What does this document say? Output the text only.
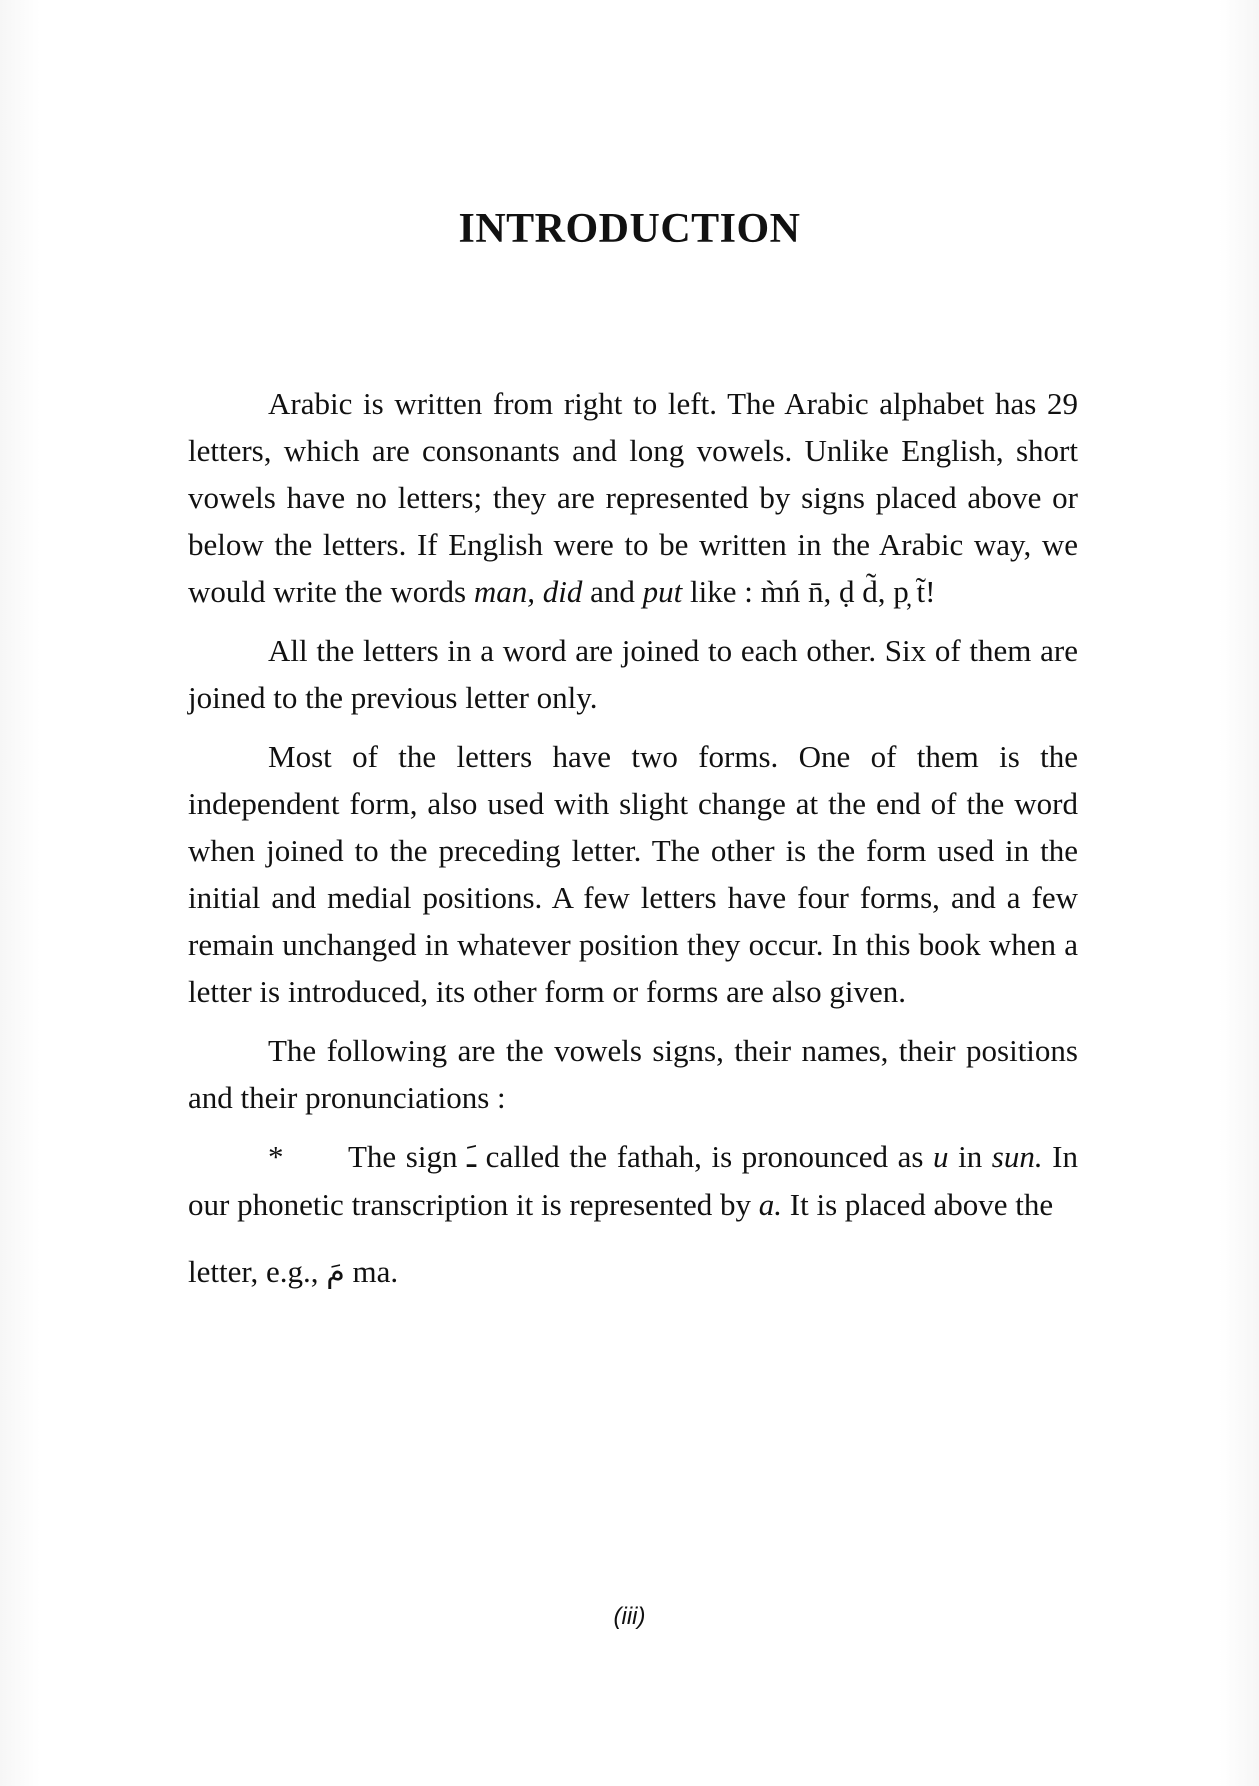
INTRODUCTION

Arabic is written from right to left. The Arabic alphabet has 29 letters, which are consonants and long vowels. Unlike English, short vowels have no letters; they are represented by signs placed above or below the letters. If English were to be written in the Arabic way, we would write the words man, did and put like : m̀ń n̄, ḍ d̃, p̦ t̃!

All the letters in a word are joined to each other. Six of them are joined to the previous letter only.

Most of the letters have two forms. One of them is the independent form, also used with slight change at the end of the word when joined to the preceding letter. The other is the form used in the initial and medial positions. A few letters have four forms, and a few remain unchanged in whatever position they occur. In this book when a letter is introduced, its other form or forms are also given.

The following are the vowels signs, their names, their positions and their pronunciations :

* The sign ـَ called the fathah, is pronounced as u in sun. In our phonetic transcription it is represented by a. It is placed above the

letter, e.g., مَ ma.
(iii)
